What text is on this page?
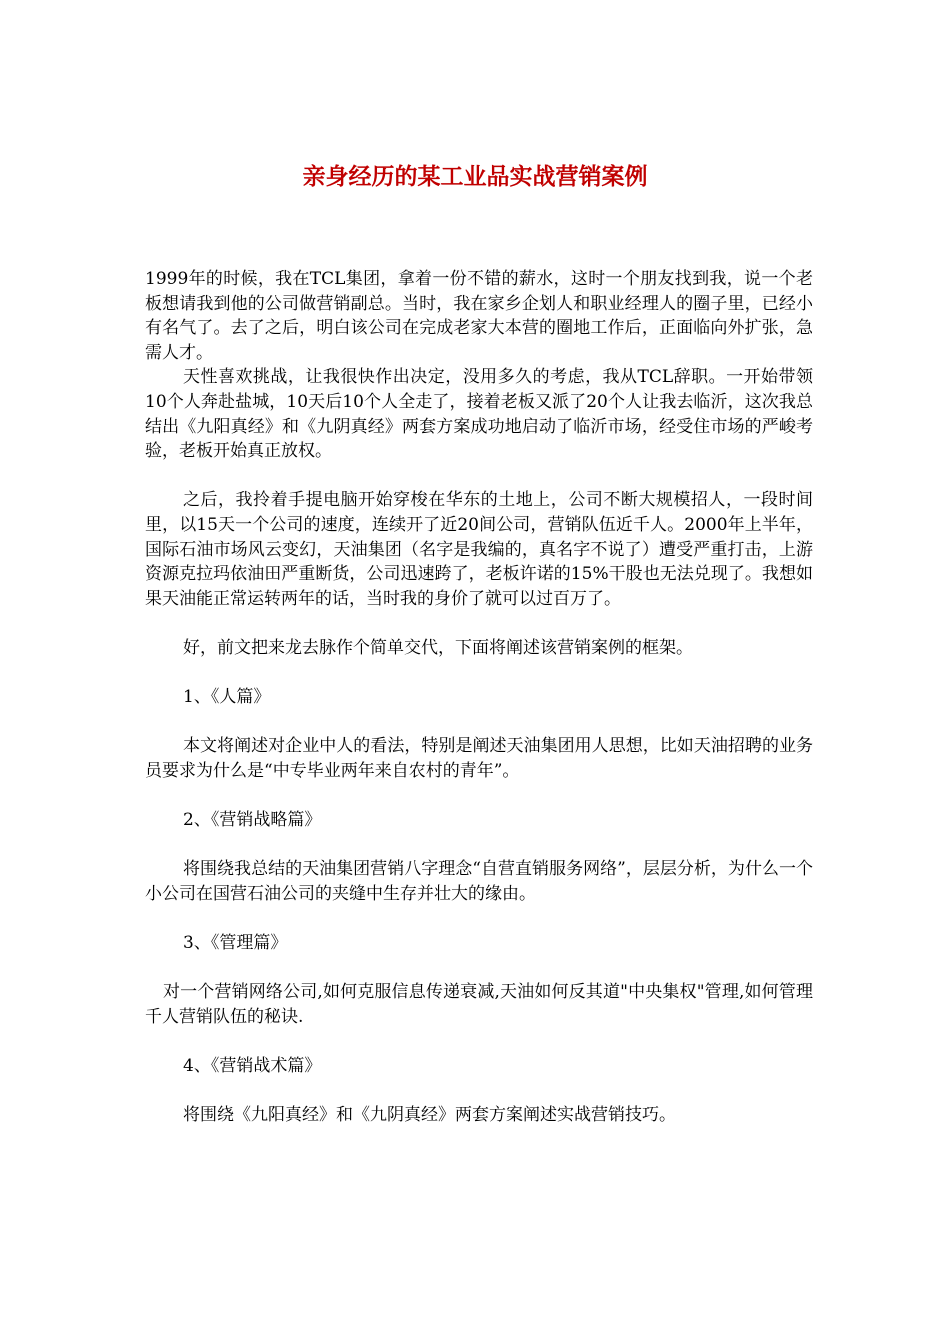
亲身经历的某工业品实战营销案例

1999年的时候，我在TCL集团，拿着一份不错的薪水，这时一个朋友找到我，说一个老板想请我到他的公司做营销副总。当时，我在家乡企划人和职业经理人的圈子里，已经小有名气了。去了之后，明白该公司在完成老家大本营的圈地工作后，正面临向外扩张，急需人才。

天性喜欢挑战，让我很快作出决定，没用多久的考虑，我从TCL辞职。一开始带领10个人奔赴盐城，10天后10个人全走了，接着老板又派了20个人让我去临沂，这次我总结出《九阳真经》和《九阴真经》两套方案成功地启动了临沂市场，经受住市场的严峻考验，老板开始真正放权。

之后，我拎着手提电脑开始穿梭在华东的土地上，公司不断大规模招人，一段时间里，以15天一个公司的速度，连续开了近20间公司，营销队伍近千人。2000年上半年，国际石油市场风云变幻，天油集团（名字是我编的，真名字不说了）遭受严重打击，上游资源克拉玛依油田严重断货，公司迅速跨了，老板许诺的15%干股也无法兑现了。我想如果天油能正常运转两年的话，当时我的身价了就可以过百万了。

好，前文把来龙去脉作个简单交代，下面将阐述该营销案例的框架。

1、《人篇》

本文将阐述对企业中人的看法，特别是阐述天油集团用人思想，比如天油招聘的业务员要求为什么是“中专毕业两年来自农村的青年”。

2、《营销战略篇》

将围绕我总结的天油集团营销八字理念“自营直销服务网络”，层层分析，为什么一个小公司在国营石油公司的夹缝中生存并壮大的缘由。

3、《管理篇》

对一个营销网络公司,如何克服信息传递衰减,天油如何反其道"中央集权"管理,如何管理千人营销队伍的秘诀.

4、《营销战术篇》

将围绕《九阳真经》和《九阴真经》两套方案阐述实战营销技巧。
